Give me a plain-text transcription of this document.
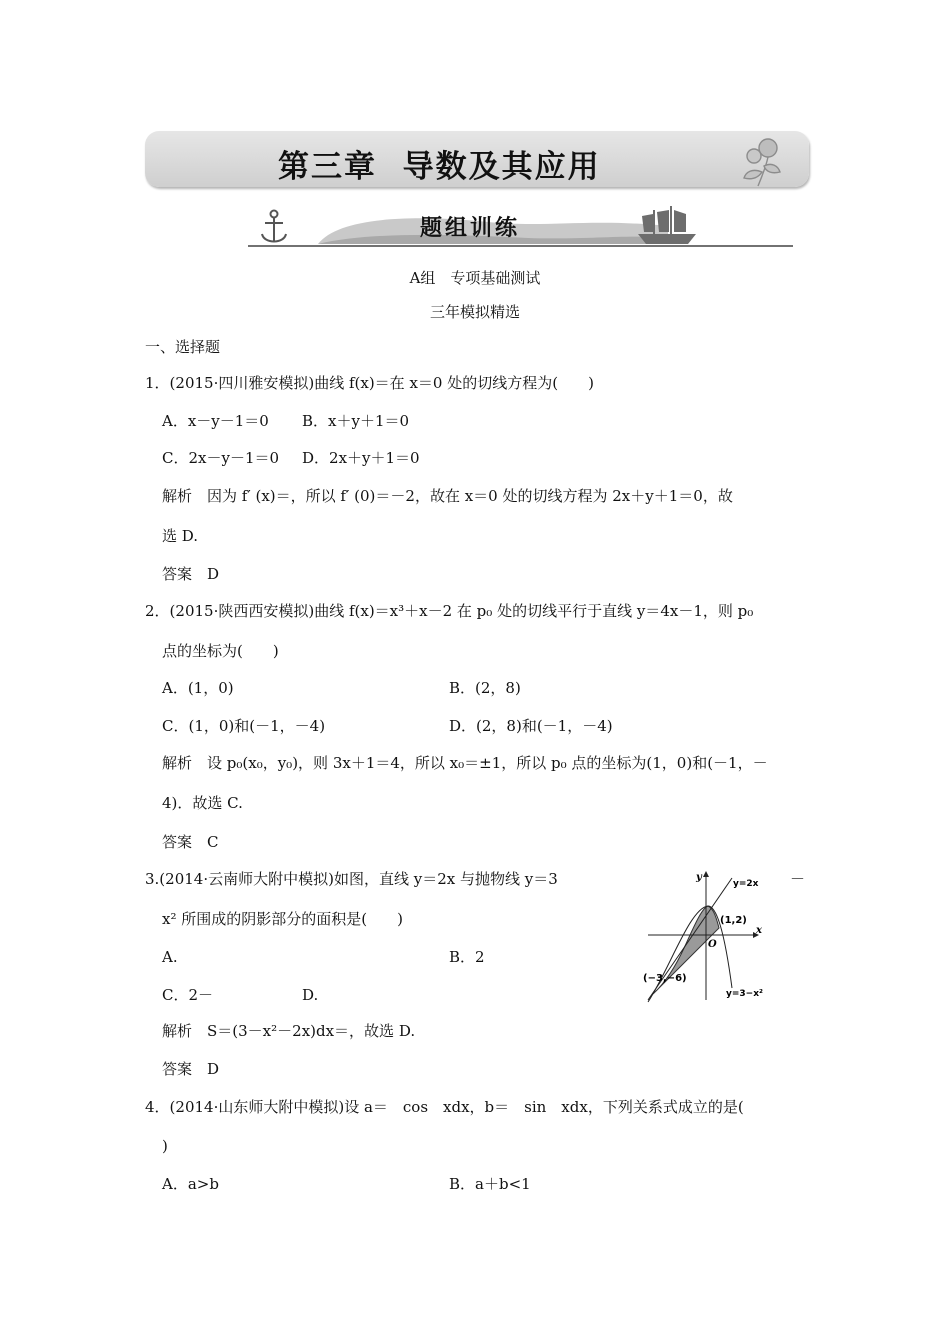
第三章  导数及其应用
题组训练
A组　专项基础测试
三年模拟精选
一、选择题
1．(2015·四川雅安模拟)曲线 f(x)＝在 x＝0 处的切线方程为(　　)
A．x－y－1＝0 B．x＋y＋1＝0
C．2x－y－1＝0 D．2x＋y＋1＝0
解析　因为 f′ (x)＝，所以 f′ (0)＝－2，故在 x＝0 处的切线方程为 2x＋y＋1＝0，故
选 D.
答案　D
2．(2015·陕西西安模拟)曲线 f(x)＝x³＋x－2 在 p₀ 处的切线平行于直线 y＝4x－1，则 p₀
点的坐标为(　　)
A．(1，0)	B．(2，8)
C．(1，0)和(－1，－4)	D．(2，8)和(－1，－4)
解析　设 p₀(x₀，y₀)，则 3x＋1＝4，所以 x₀＝±1，所以 p₀ 点的坐标为(1，0)和(－1，－
4)．故选 C.
答案　C
3.(2014·云南师大附中模拟)如图，直线 y＝2x 与抛物线 y＝3	－
x² 所围成的阴影部分的面积是(　　)
A.	B．2
C．2－	D.
解析　S＝(3－x²－2x)dx＝，故选 D.
答案　D
y
x
O
y=2x
(1,2)
(−3,−6)
y=3−x²
4．(2014·山东师大附中模拟)设 a＝　cos　xdx，b＝　sin　xdx，下列关系式成立的是(
)
A．a>b	B．a＋b<1
